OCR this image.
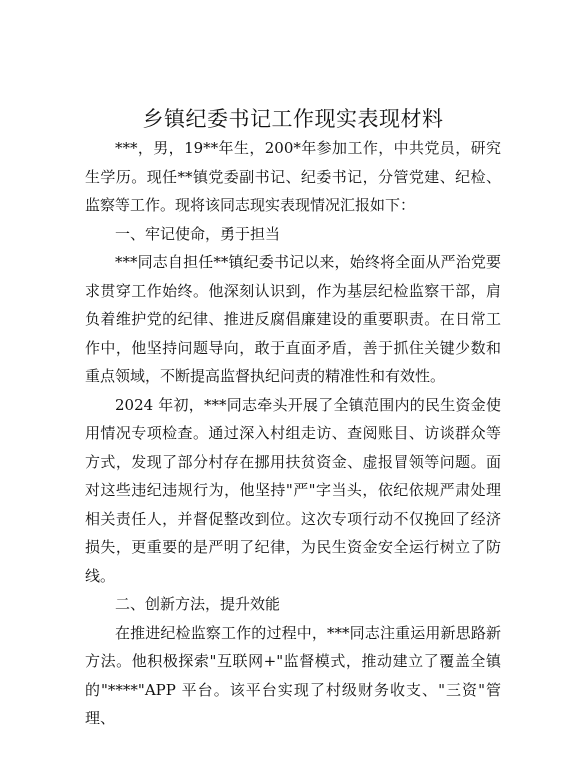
乡镇纪委书记工作现实表现材料

***，男，19**年生，200*年参加工作，中共党员，研究生学历。现任**镇党委副书记、纪委书记，分管党建、纪检、监察等工作。现将该同志现实表现情况汇报如下：

一、牢记使命，勇于担当

***同志自担任**镇纪委书记以来，始终将全面从严治党要求贯穿工作始终。他深刻认识到，作为基层纪检监察干部，肩负着维护党的纪律、推进反腐倡廉建设的重要职责。在日常工作中，他坚持问题导向，敢于直面矛盾，善于抓住关键少数和重点领域，不断提高监督执纪问责的精准性和有效性。

2024 年初，***同志牵头开展了全镇范围内的民生资金使用情况专项检查。通过深入村组走访、查阅账目、访谈群众等方式，发现了部分村存在挪用扶贫资金、虚报冒领等问题。面对这些违纪违规行为，他坚持"严"字当头，依纪依规严肃处理相关责任人，并督促整改到位。这次专项行动不仅挽回了经济损失，更重要的是严明了纪律，为民生资金安全运行树立了防线。

二、创新方法，提升效能

在推进纪检监察工作的过程中，***同志注重运用新思路新方法。他积极探索"互联网+"监督模式，推动建立了覆盖全镇的"****"APP 平台。该平台实现了村级财务收支、"三资"管理、
